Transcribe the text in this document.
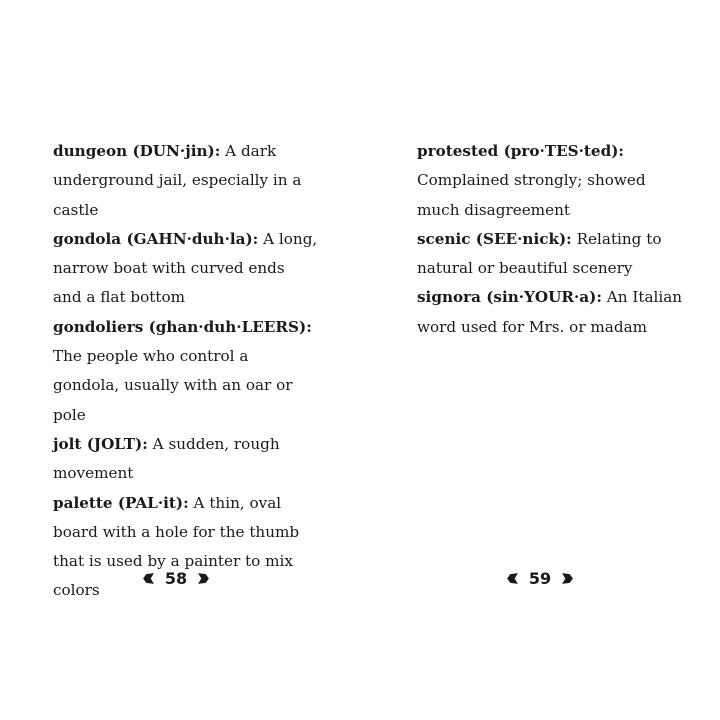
dungeon (DUN·jin): A dark underground jail, especially in a castle
gondola (GAHN·duh·la): A long, narrow boat with curved ends and a flat bottom
gondoliers (ghan·duh·LEERS): The people who control a gondola, usually with an oar or pole
jolt (JOLT): A sudden, rough movement
palette (PAL·it): A thin, oval board with a hole for the thumb that is used by a painter to mix colors
58
protested (pro·TES·ted): Complained strongly; showed much disagreement
scenic (SEE·nick): Relating to natural or beautiful scenery
signora (sin·YOUR·a): An Italian word used for Mrs. or madam
59
